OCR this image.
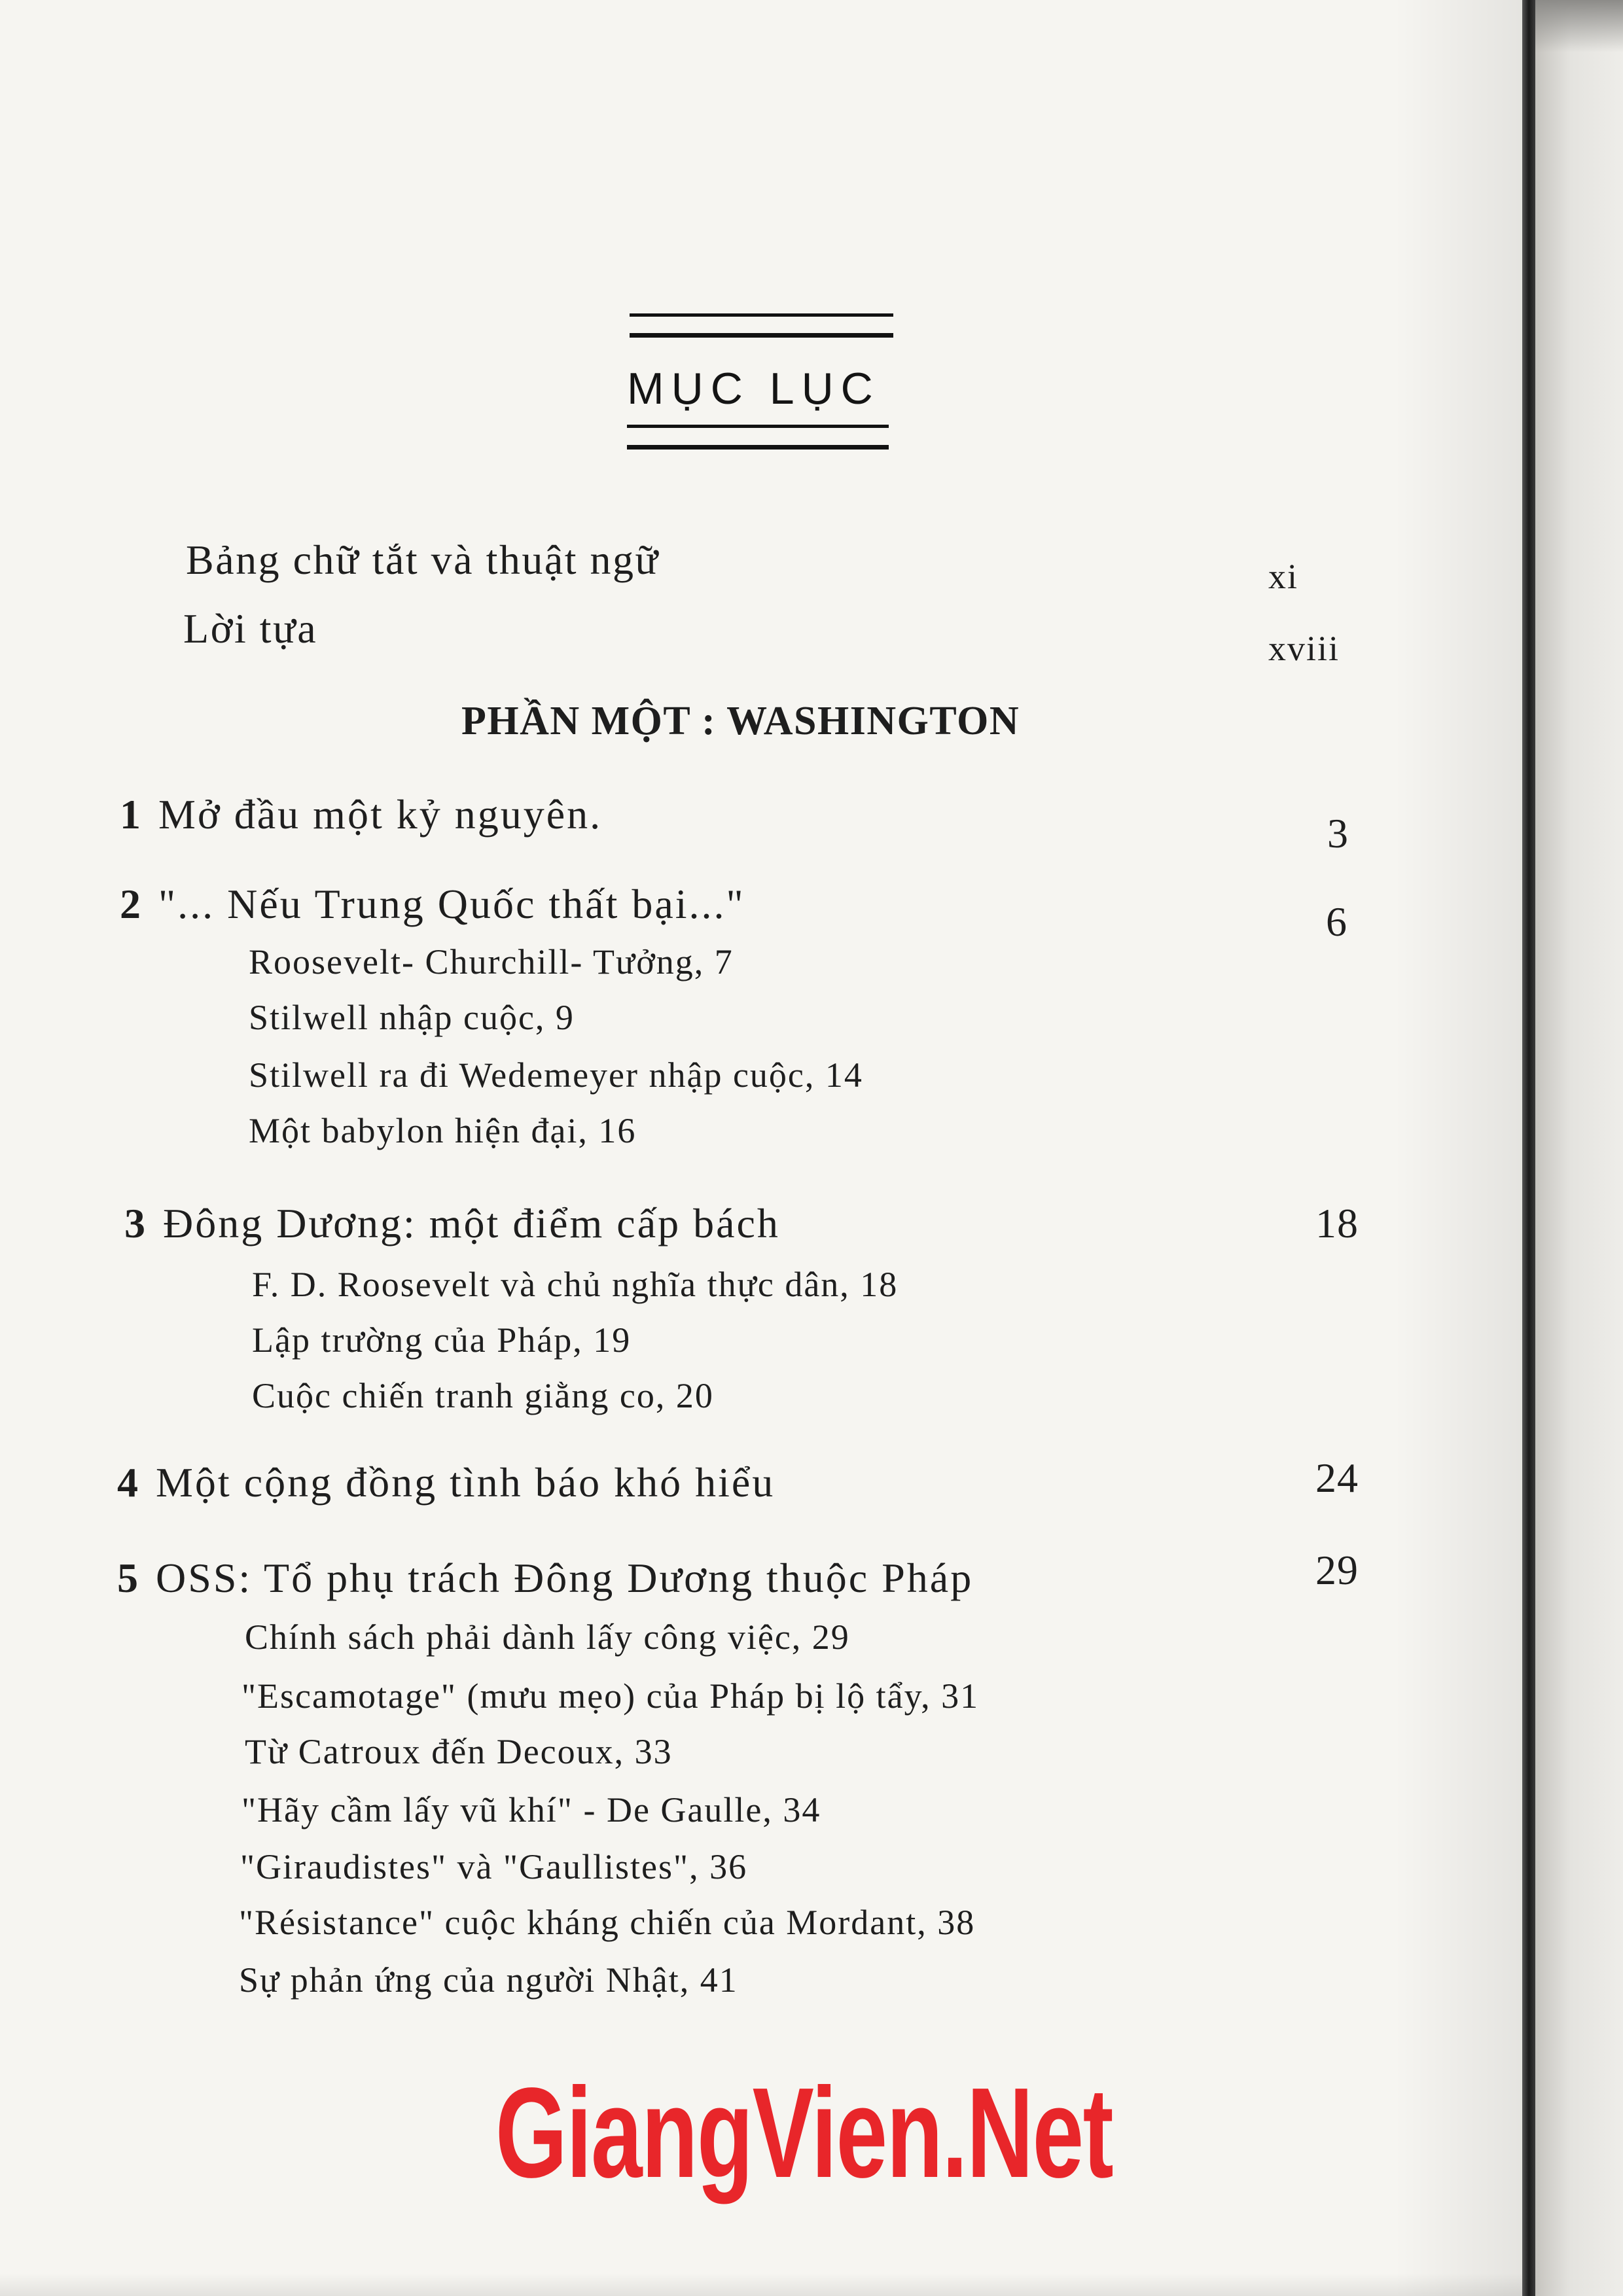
MỤC LỤC
Bảng chữ tắt và thuật ngữ	xi
Lời tựa	xviii
PHẦN MỘT : WASHINGTON
1 Mở đầu một kỷ nguyên.	3
2 "... Nếu Trung Quốc thất bại..."	6
Roosevelt- Churchill- Tưởng, 7
Stilwell nhập cuộc, 9
Stilwell ra đi Wedemeyer nhập cuộc, 14
Một babylon hiện đại, 16
3 Đông Dương: một điểm cấp bách	18
F. D. Roosevelt và chủ nghĩa thực dân, 18
Lập trường của Pháp, 19
Cuộc chiến tranh giằng co, 20
4 Một cộng đồng tình báo khó hiểu	24
5 OSS: Tổ phụ trách Đông Dương thuộc Pháp	29
Chính sách phải dành lấy công việc, 29
"Escamotage" (mưu mẹo) của Pháp bị lộ tẩy, 31
Từ Catroux đến Decoux, 33
"Hãy cầm lấy vũ khí" - De Gaulle, 34
"Giraudistes" và "Gaullistes", 36
"Résistance" cuộc kháng chiến của Mordant, 38
Sự phản ứng của người Nhật, 41
GiangVien.Net
